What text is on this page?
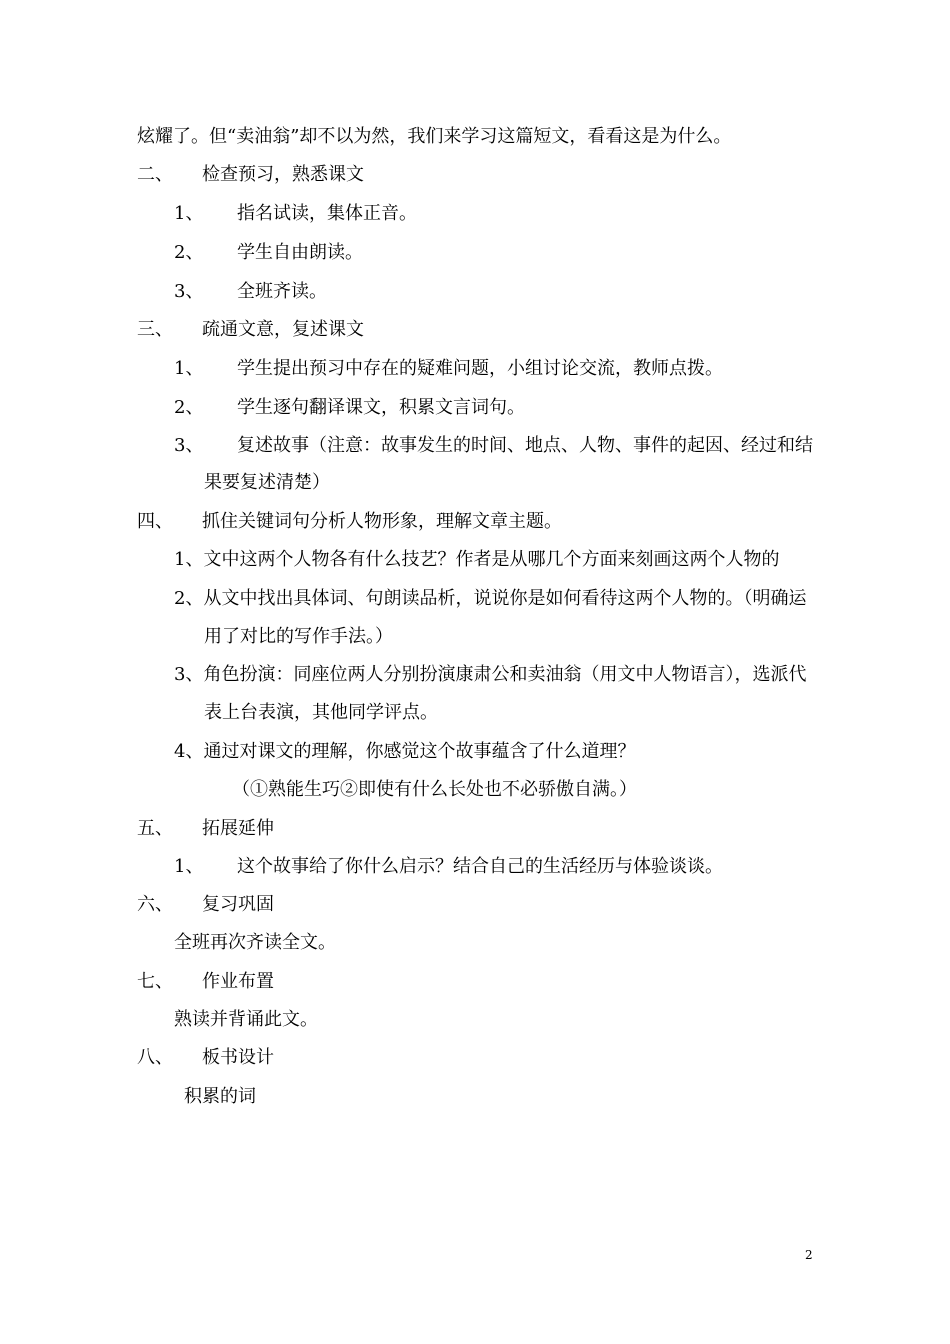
炫耀了。但“卖油翁”却不以为然，我们来学习这篇短文，看看这是为什么。
二、 检查预习，熟悉课文
1、 指名试读，集体正音。
2、 学生自由朗读。
3、 全班齐读。
三、 疏通文意，复述课文
1、 学生提出预习中存在的疑难问题，小组讨论交流，教师点拨。
2、 学生逐句翻译课文，积累文言词句。
3、 复述故事（注意：故事发生的时间、地点、人物、事件的起因、经过和结
果要复述清楚）
四、 抓住关键词句分析人物形象，理解文章主题。
1、文中这两个人物各有什么技艺？作者是从哪几个方面来刻画这两个人物的
2、从文中找出具体词、句朗读品析，说说你是如何看待这两个人物的。（明确运
用了对比的写作手法。）
3、角色扮演：同座位两人分别扮演康肃公和卖油翁（用文中人物语言），选派代
表上台表演，其他同学评点。
4、通过对课文的理解，你感觉这个故事蕴含了什么道理？
（①熟能生巧②即使有什么长处也不必骄傲自满。）
五、 拓展延伸
1、 这个故事给了你什么启示？结合自己的生活经历与体验谈谈。
六、 复习巩固
全班再次齐读全文。
七、 作业布置
熟读并背诵此文。
八、 板书设计
积累的词
2
